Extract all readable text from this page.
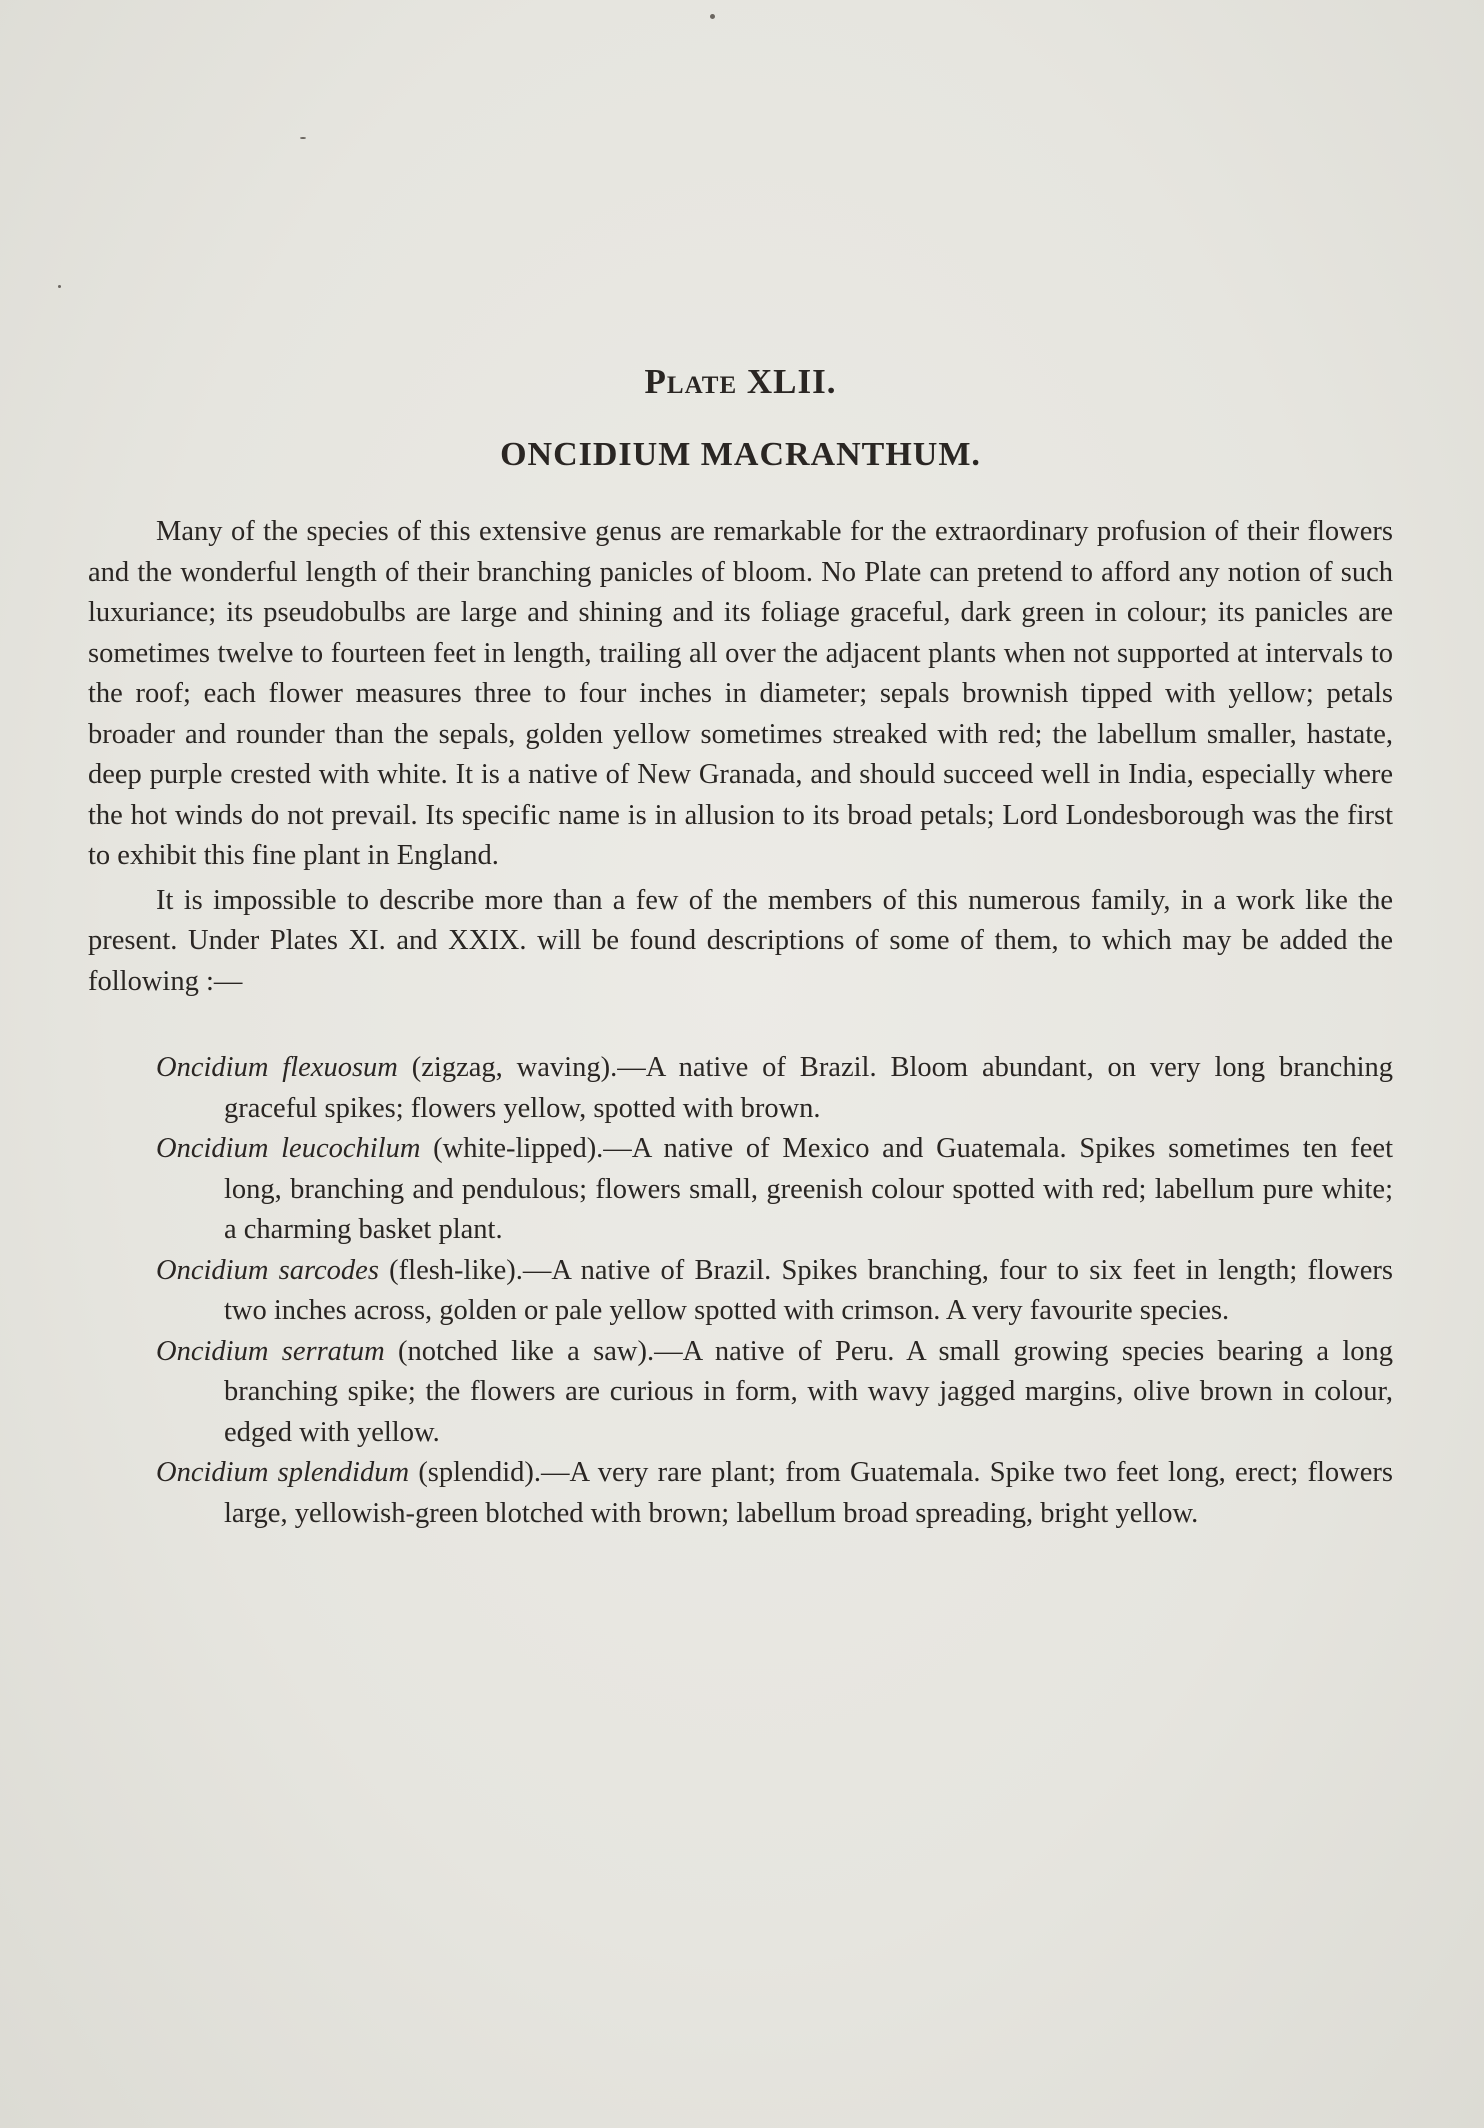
Plate XLII.
ONCIDIUM MACRANTHUM.

Many of the species of this extensive genus are remarkable for the extraordinary profusion of their flowers and the wonderful length of their branching panicles of bloom. No Plate can pretend to afford any notion of such luxuriance; its pseudobulbs are large and shining and its foliage graceful, dark green in colour; its panicles are sometimes twelve to fourteen feet in length, trailing all over the adjacent plants when not supported at intervals to the roof; each flower measures three to four inches in diameter; sepals brownish tipped with yellow; petals broader and rounder than the sepals, golden yellow sometimes streaked with red; the labellum smaller, hastate, deep purple crested with white. It is a native of New Granada, and should succeed well in India, especially where the hot winds do not prevail. Its specific name is in allusion to its broad petals; Lord Londesborough was the first to exhibit this fine plant in England.

It is impossible to describe more than a few of the members of this numerous family, in a work like the present. Under Plates XI. and XXIX. will be found descriptions of some of them, to which may be added the following :—

Oncidium flexuosum (zigzag, waving).—A native of Brazil. Bloom abundant, on very long branching graceful spikes; flowers yellow, spotted with brown.

Oncidium leucochilum (white-lipped).—A native of Mexico and Guatemala. Spikes sometimes ten feet long, branching and pendulous; flowers small, greenish colour spotted with red; labellum pure white; a charming basket plant.

Oncidium sarcodes (flesh-like).—A native of Brazil. Spikes branching, four to six feet in length; flowers two inches across, golden or pale yellow spotted with crimson. A very favourite species.

Oncidium serratum (notched like a saw).—A native of Peru. A small growing species bearing a long branching spike; the flowers are curious in form, with wavy jagged margins, olive brown in colour, edged with yellow.

Oncidium splendidum (splendid).—A very rare plant; from Guatemala. Spike two feet long, erect; flowers large, yellowish-green blotched with brown; labellum broad spreading, bright yellow.
